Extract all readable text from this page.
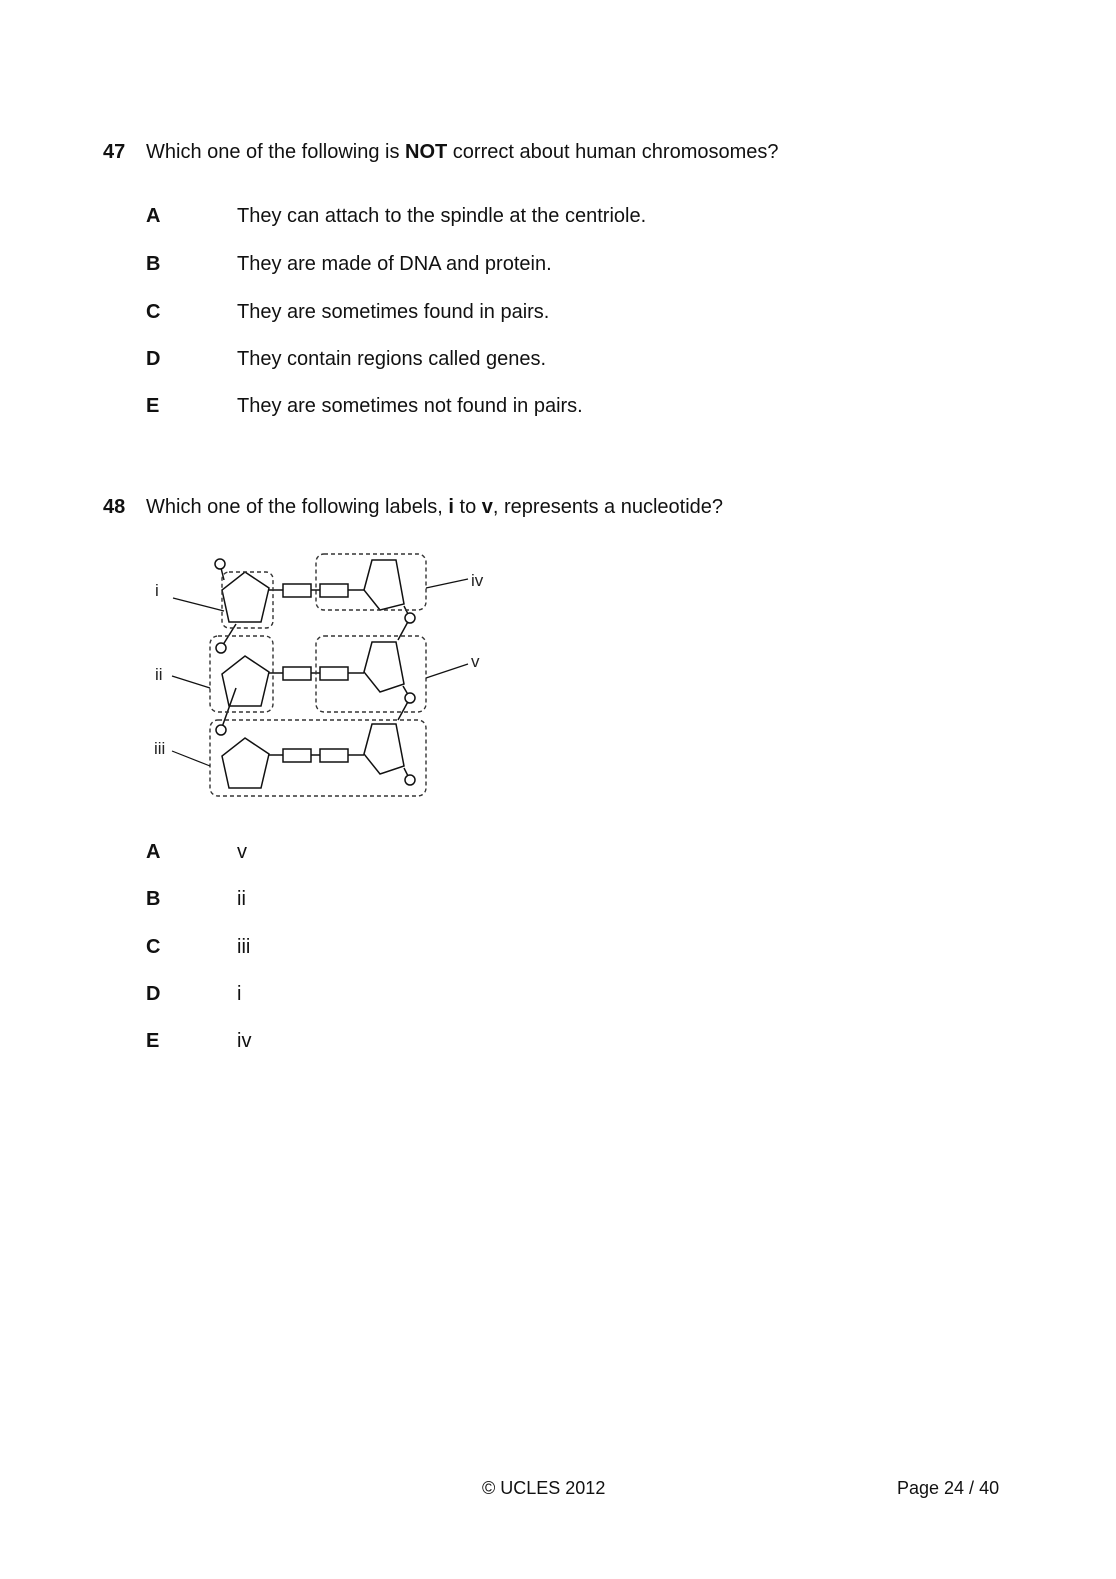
47 Which one of the following is NOT correct about human chromosomes?
A	They can attach to the spindle at the centriole.
B	They are made of DNA and protein.
C	They are sometimes found in pairs.
D	They contain regions called genes.
E	They are sometimes not found in pairs.
48 Which one of the following labels, i to v, represents a nucleotide?
i
ii
iii
iv
v
A	v
B	ii
C	iii
D	i
E	iv
© UCLES 2012	Page 24 / 40
